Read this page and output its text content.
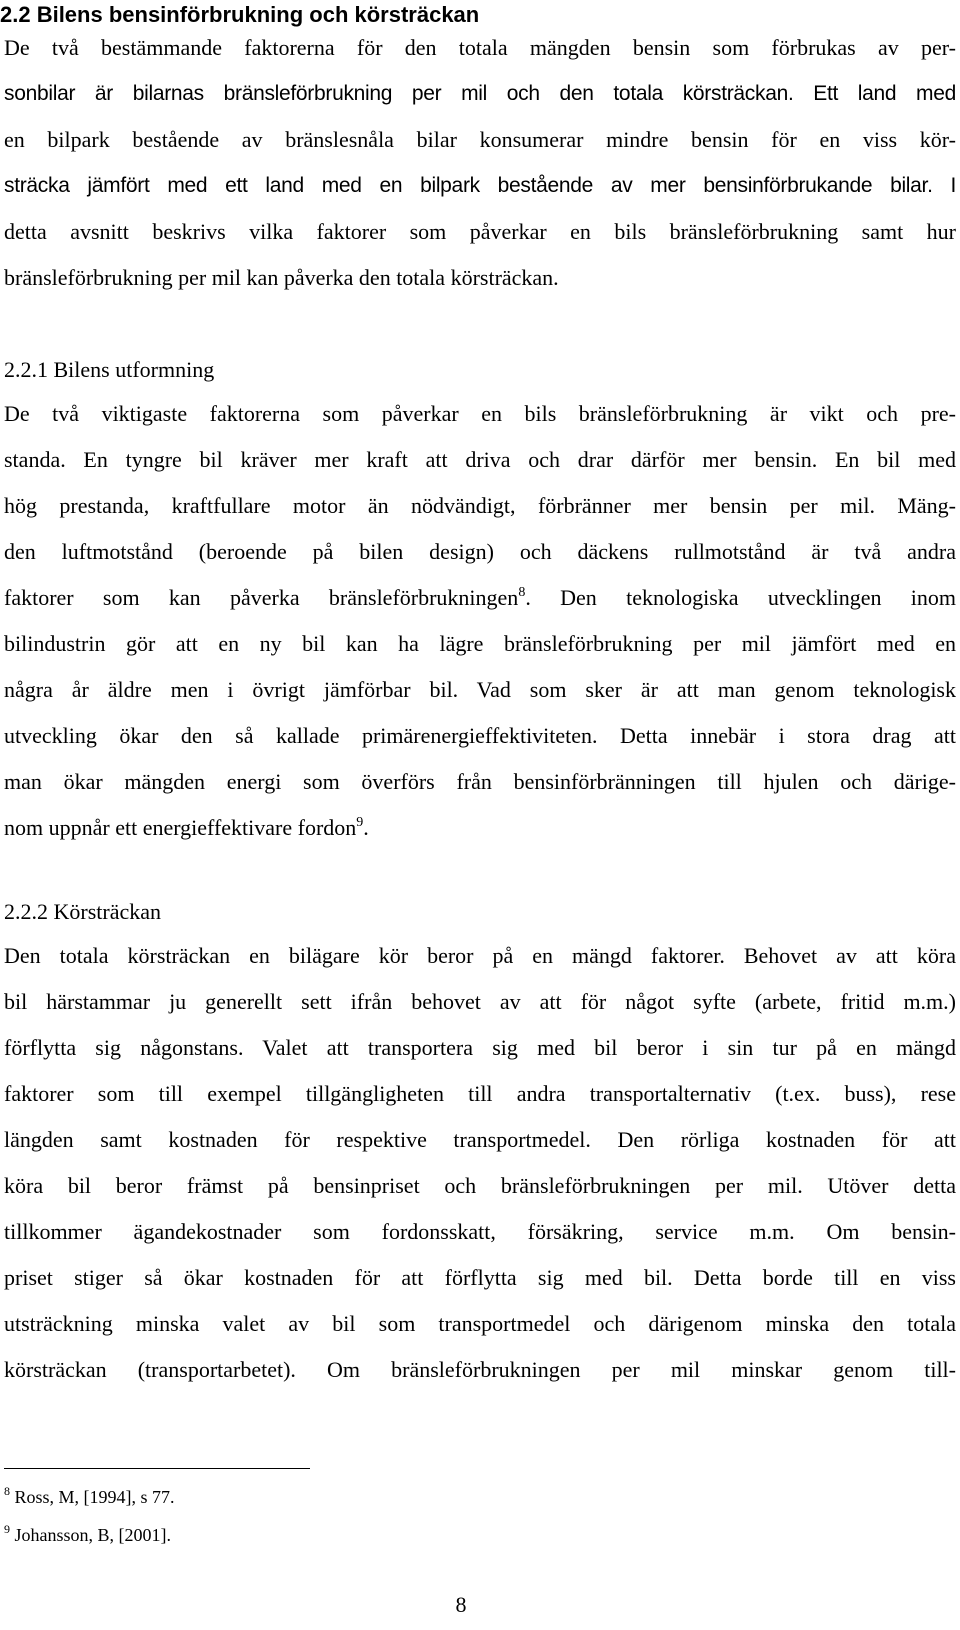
2.2 Bilens bensinförbrukning och körsträckan
De två bestämmande faktorerna för den totala mängden bensin som förbrukas av per-
sonbilar är bilarnas bränsleförbrukning per mil och den totala körsträckan. Ett land med
en bilpark bestående av bränslesnåla bilar konsumerar mindre bensin för en viss kör-
sträcka jämfört med ett land med en bilpark bestående av mer bensinförbrukande bilar. I
detta avsnitt beskrivs vilka faktorer som påverkar en bils bränsleförbrukning samt hur
bränsleförbrukning per mil kan påverka den totala körsträckan.
2.2.1 Bilens utformning
De två viktigaste faktorerna som påverkar en bils bränsleförbrukning är vikt och pre-
standa. En tyngre bil kräver mer kraft att driva och drar därför mer bensin. En bil med
hög prestanda, kraftfullare motor än nödvändigt, förbränner mer bensin per mil. Mäng-
den luftmotstånd (beroende på bilen design) och däckens rullmotstånd är två andra
faktorer som kan påverka bränsleförbrukningen$^8$. Den teknologiska utvecklingen inom
bilindustrin gör att en ny bil kan ha lägre bränsleförbrukning per mil jämfört med en
några år äldre men i övrigt jämförbar bil. Vad som sker är att man genom teknologisk
utveckling ökar den så kallade primärenergieffektiviteten. Detta innebär i stora drag att
man ökar mängden energi som överförs från bensinförbränningen till hjulen och därige-
nom uppnår ett energieffektivare fordon$^9$.
2.2.2 Körsträckan
Den totala körsträckan en bilägare kör beror på en mängd faktorer. Behovet av att köra
bil härstammar ju generellt sett ifrån behovet av att för något syfte (arbete, fritid m.m.)
förflytta sig någonstans. Valet att transportera sig med bil beror i sin tur på en mängd
faktorer som till exempel tillgängligheten till andra transportalternativ (t.ex. buss), rese
längden samt kostnaden för respektive transportmedel. Den rörliga kostnaden för att
köra bil beror främst på bensinpriset och bränsleförbrukningen per mil. Utöver detta
tillkommer ägandekostnader som fordonsskatt, försäkring, service m.m. Om bensin-
priset stiger så ökar kostnaden för att förflytta sig med bil. Detta borde till en viss
utsträckning minska valet av bil som transportmedel och därigenom minska den totala
körsträckan (transportarbetet). Om bränsleförbrukningen per mil minskar genom till-
$^8$ Ross, M, [1994], s 77.
$^9$ Johansson, B, [2001].
8
